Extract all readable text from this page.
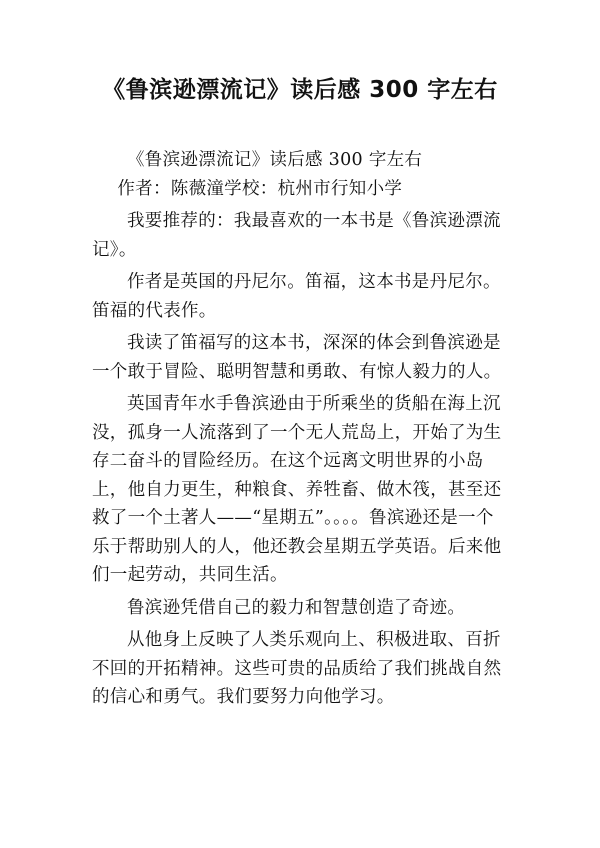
《鲁滨逊漂流记》读后感 300 字左右

《鲁滨逊漂流记》读后感 300 字左右

作者：陈薇潼学校：杭州市行知小学

我要推荐的：我最喜欢的一本书是《鲁滨逊漂流记》。

作者是英国的丹尼尔。笛福，这本书是丹尼尔。笛福的代表作。

我读了笛福写的这本书，深深的体会到鲁滨逊是一个敢于冒险、聪明智慧和勇敢、有惊人毅力的人。

英国青年水手鲁滨逊由于所乘坐的货船在海上沉没，孤身一人流落到了一个无人荒岛上，开始了为生存二奋斗的冒险经历。在这个远离文明世界的小岛上，他自力更生，种粮食、养牲畜、做木筏，甚至还救了一个土著人——“星期五”。。。。鲁滨逊还是一个乐于帮助别人的人，他还教会星期五学英语。后来他们一起劳动，共同生活。

鲁滨逊凭借自己的毅力和智慧创造了奇迹。

从他身上反映了人类乐观向上、积极进取、百折不回的开拓精神。这些可贵的品质给了我们挑战自然的信心和勇气。我们要努力向他学习。
